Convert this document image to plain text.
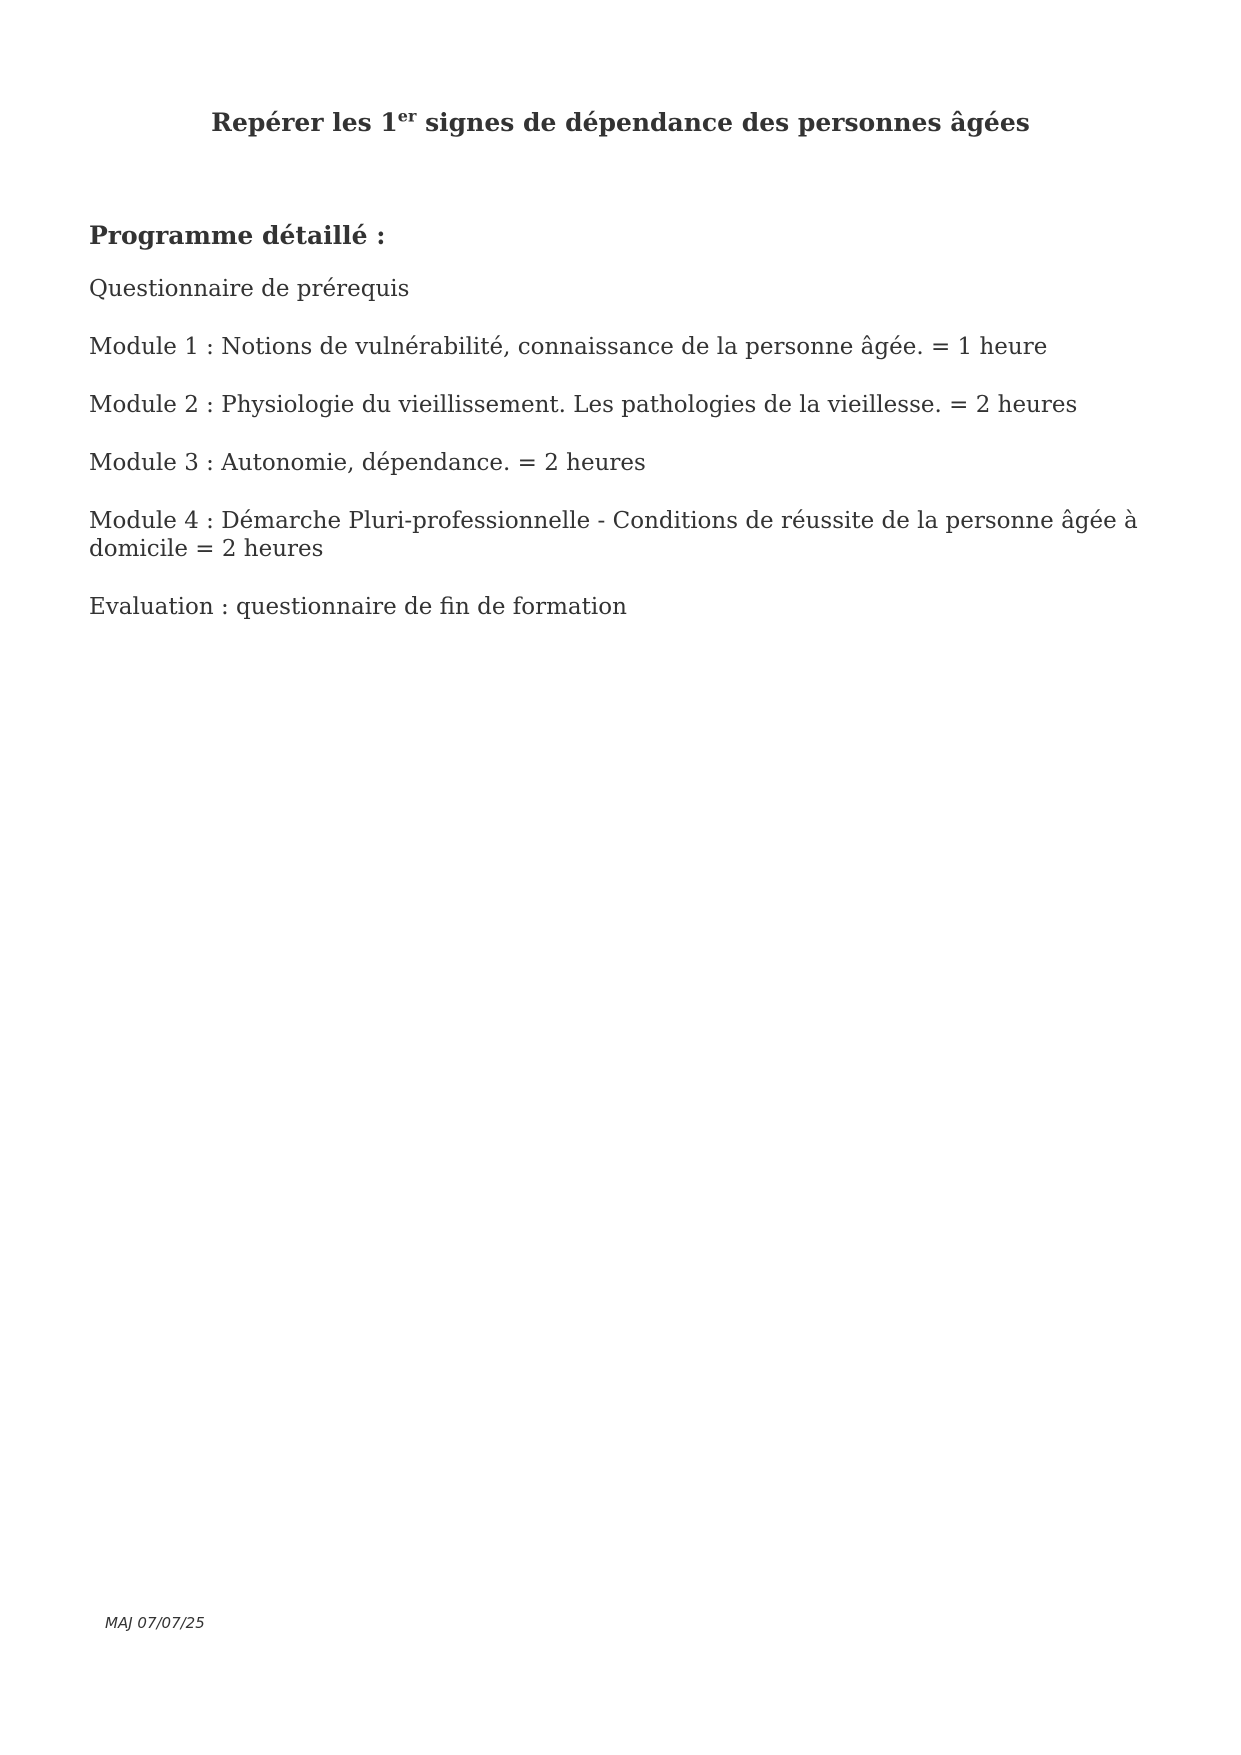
Repérer les 1er signes de dépendance des personnes âgées

Programme détaillé :

Questionnaire de prérequis

Module 1 : Notions de vulnérabilité, connaissance de la personne âgée. = 1 heure

Module 2 : Physiologie du vieillissement. Les pathologies de la vieillesse. = 2 heures

Module 3 : Autonomie, dépendance. = 2 heures

Module 4 : Démarche Pluri-professionnelle - Conditions de réussite de la personne âgée à domicile = 2 heures

Evaluation : questionnaire de fin de formation

MAJ 07/07/25
